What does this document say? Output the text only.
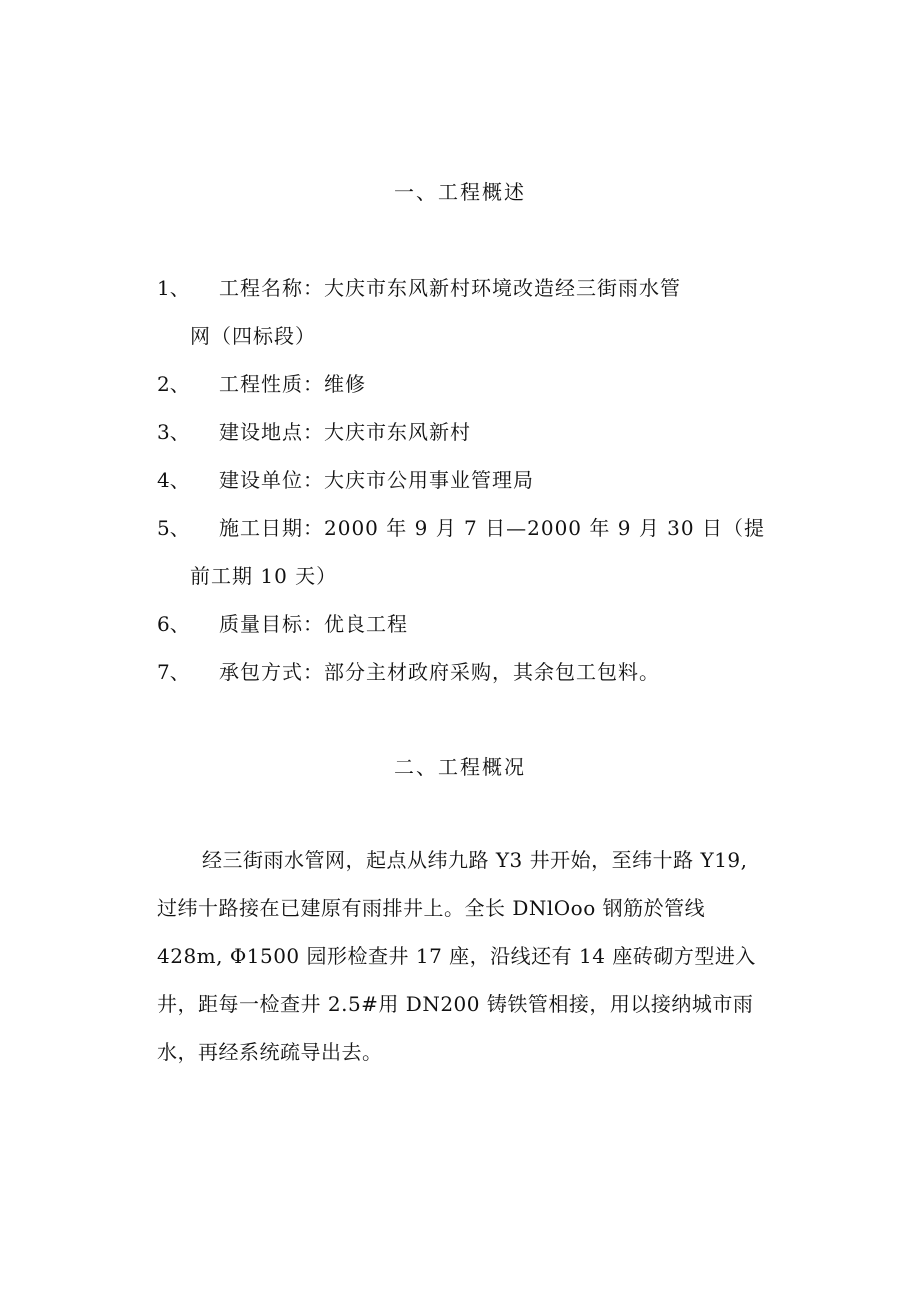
一、工程概述
1、 工程名称：大庆市东风新村环境改造经三街雨水管
网（四标段）
2、 工程性质：维修
3、 建设地点：大庆市东风新村
4、 建设单位：大庆市公用事业管理局
5、 施工日期：2000 年 9 月 7 日—2000 年 9 月 30 日（提
前工期 10 天）
6、 质量目标：优良工程
7、 承包方式：部分主材政府采购，其余包工包料。
二、工程概况
经三街雨水管网，起点从纬九路 Y3 井开始，至纬十路 Y19,
过纬十路接在已建原有雨排井上。全长 DNlOoo 钢筋於管线
428m, Φ1500 园形检查井 17 座，沿线还有 14 座砖砌方型进入
井，距每一检查井 2.5#用 DN200 铸铁管相接，用以接纳城市雨
水，再经系统疏导出去。
